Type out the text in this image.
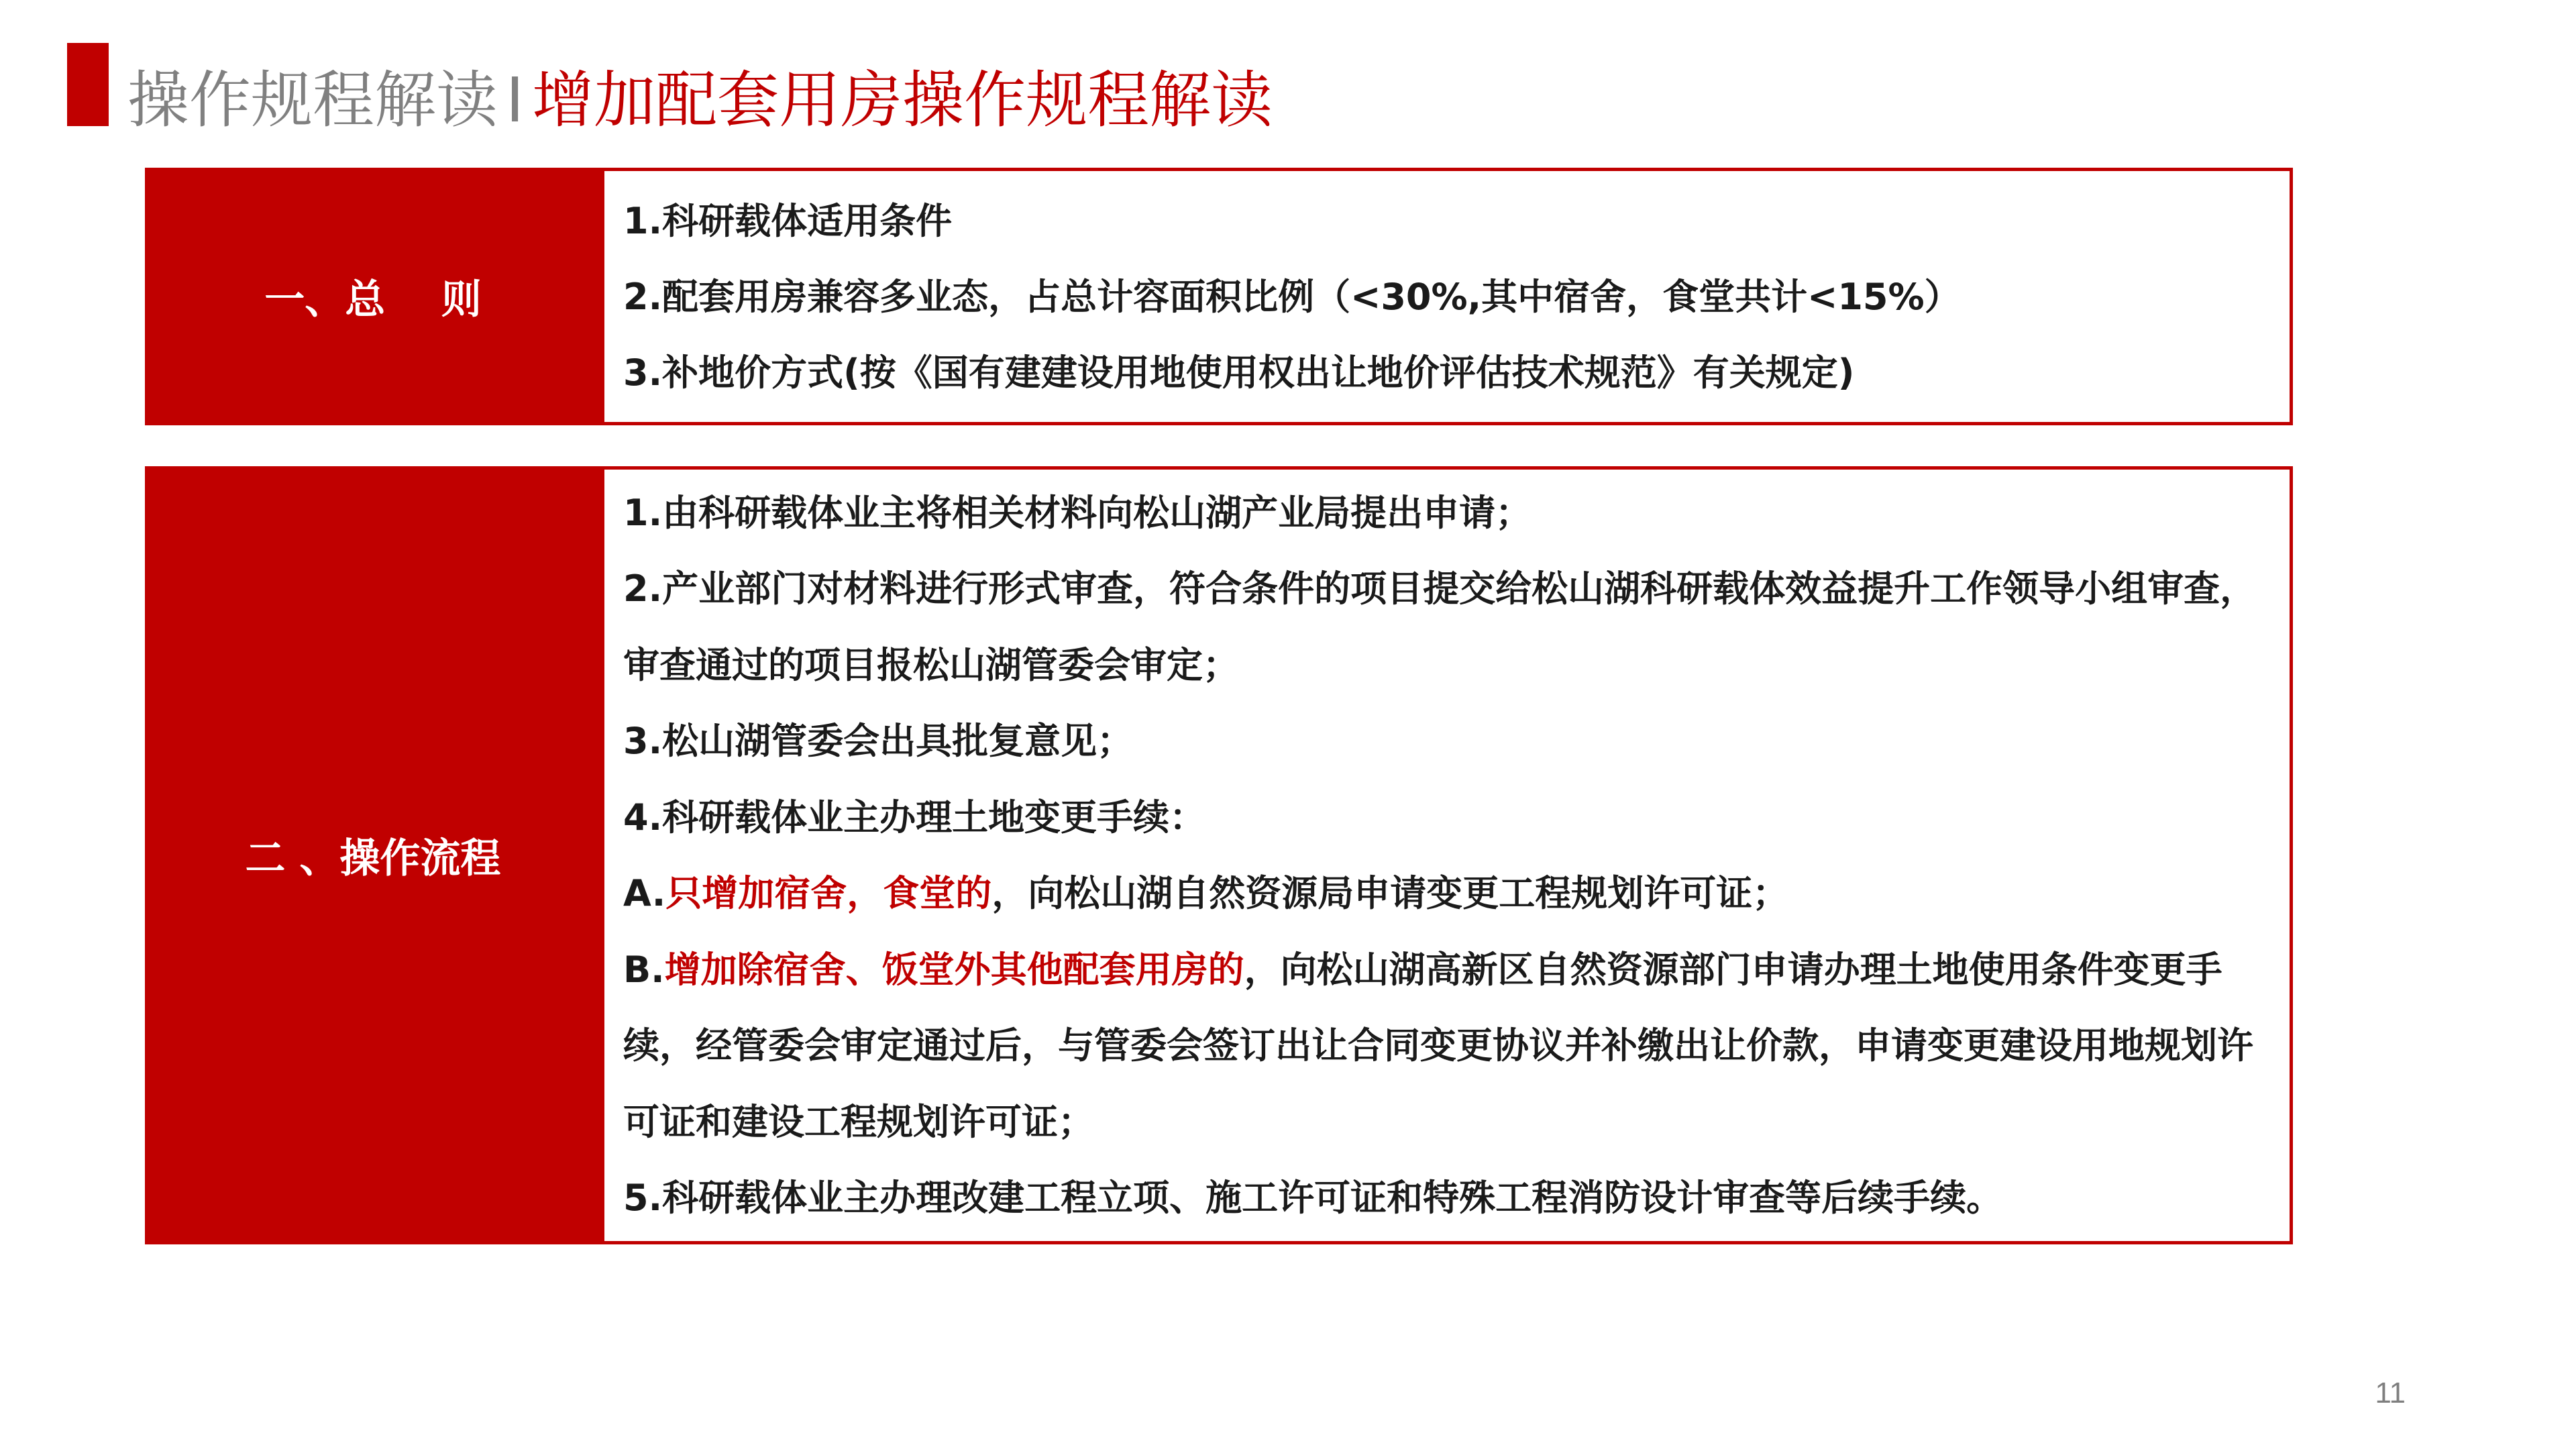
操作规程解读 I 增加配套用房操作规程解读
一、总    则

1.科研载体适用条件

2.配套用房兼容多业态，占总计容面积比例（<30%,其中宿舍，食堂共计<15%）

3.补地价方式(按《国有建建设用地使用权出让地价评估技术规范》有关规定)

二 、操作流程

1.由科研载体业主将相关材料向松山湖产业局提出申请；

2.产业部门对材料进行形式审查，符合条件的项目提交给松山湖科研载体效益提升工作领导小组审查，审查通过的项目报松山湖管委会审定；

3.松山湖管委会出具批复意见；

4.科研载体业主办理土地变更手续：

A.只增加宿舍，食堂的，向松山湖自然资源局申请变更工程规划许可证；

B.增加除宿舍、饭堂外其他配套用房的，向松山湖高新区自然资源部门申请办理土地使用条件变更手续，经管委会审定通过后，与管委会签订出让合同变更协议并补缴出让价款，申请变更建设用地规划许可证和建设工程规划许可证；

5.科研载体业主办理改建工程立项、施工许可证和特殊工程消防设计审查等后续手续。

11
